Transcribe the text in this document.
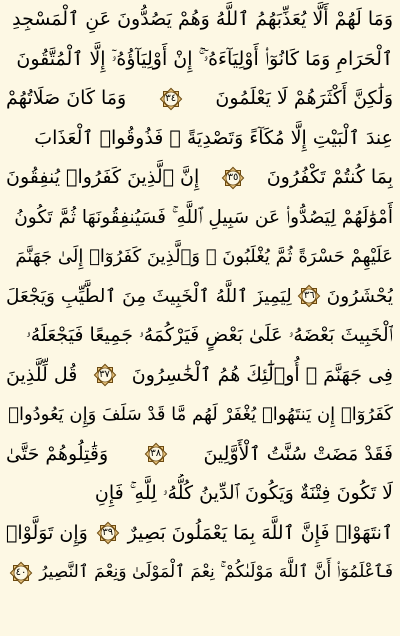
وَمَا لَهُمْ أَلَّا يُعَذِّبَهُمُ ٱللَّهُ وَهُمْ يَصُدُّونَ عَنِ ٱلْمَسْجِدِ
ٱلْحَرَامِ وَمَا كَانُوٓا۟ أَوْلِيَآءَهُۥٓ ۚ إِنْ أَوْلِيَآؤُهُۥٓ إِلَّا ٱلْمُتَّقُونَ
وَلَٰكِنَّ أَكْثَرَهُمْ لَا يَعْلَمُونَ
٣٤
وَمَا كَانَ صَلَاتُهُمْ
عِندَ ٱلْبَيْتِ إِلَّا مُكَآءً وَتَصْدِيَةً ۚ فَذُوقُوا۟ ٱلْعَذَابَ
بِمَا كُنتُمْ تَكْفُرُونَ
٣٥
إِنَّ ٱلَّذِينَ كَفَرُوا۟ يُنفِقُونَ
أَمْوَٰلَهُمْ لِيَصُدُّوا۟ عَن سَبِيلِ ٱللَّهِ ۚ فَسَيُنفِقُونَهَا ثُمَّ تَكُونُ
عَلَيْهِمْ حَسْرَةً ثُمَّ يُغْلَبُونَ ۗ وَٱلَّذِينَ كَفَرُوٓا۟ إِلَىٰ جَهَنَّمَ
يُحْشَرُونَ
٣٦
لِيَمِيزَ ٱللَّهُ ٱلْخَبِيثَ مِنَ ٱلطَّيِّبِ وَيَجْعَلَ
ٱلْخَبِيثَ بَعْضَهُۥ عَلَىٰ بَعْضٍ فَيَرْكُمَهُۥ جَمِيعًا فَيَجْعَلَهُۥ
فِى جَهَنَّمَ ۚ أُو۟لَٰٓئِكَ هُمُ ٱلْخَٰسِرُونَ
٣٧
قُل لِّلَّذِينَ
كَفَرُوٓا۟ إِن يَنتَهُوا۟ يُغْفَرْ لَهُم مَّا قَدْ سَلَفَ وَإِن يَعُودُوا۟
فَقَدْ مَضَتْ سُنَّتُ ٱلْأَوَّلِينَ
٣٨
وَقَٰتِلُوهُمْ حَتَّىٰ
لَا تَكُونَ فِتْنَةٌ وَيَكُونَ ٱلدِّينُ كُلُّهُۥ لِلَّهِ ۚ فَإِنِ
ٱنتَهَوْا۟ فَإِنَّ ٱللَّهَ بِمَا يَعْمَلُونَ بَصِيرٌ
٣٩
وَإِن تَوَلَّوْا۟
فَٱعْلَمُوٓا۟ أَنَّ ٱللَّهَ مَوْلَىٰكُمْ ۚ نِعْمَ ٱلْمَوْلَىٰ وَنِعْمَ ٱلنَّصِيرُ
٤٠
